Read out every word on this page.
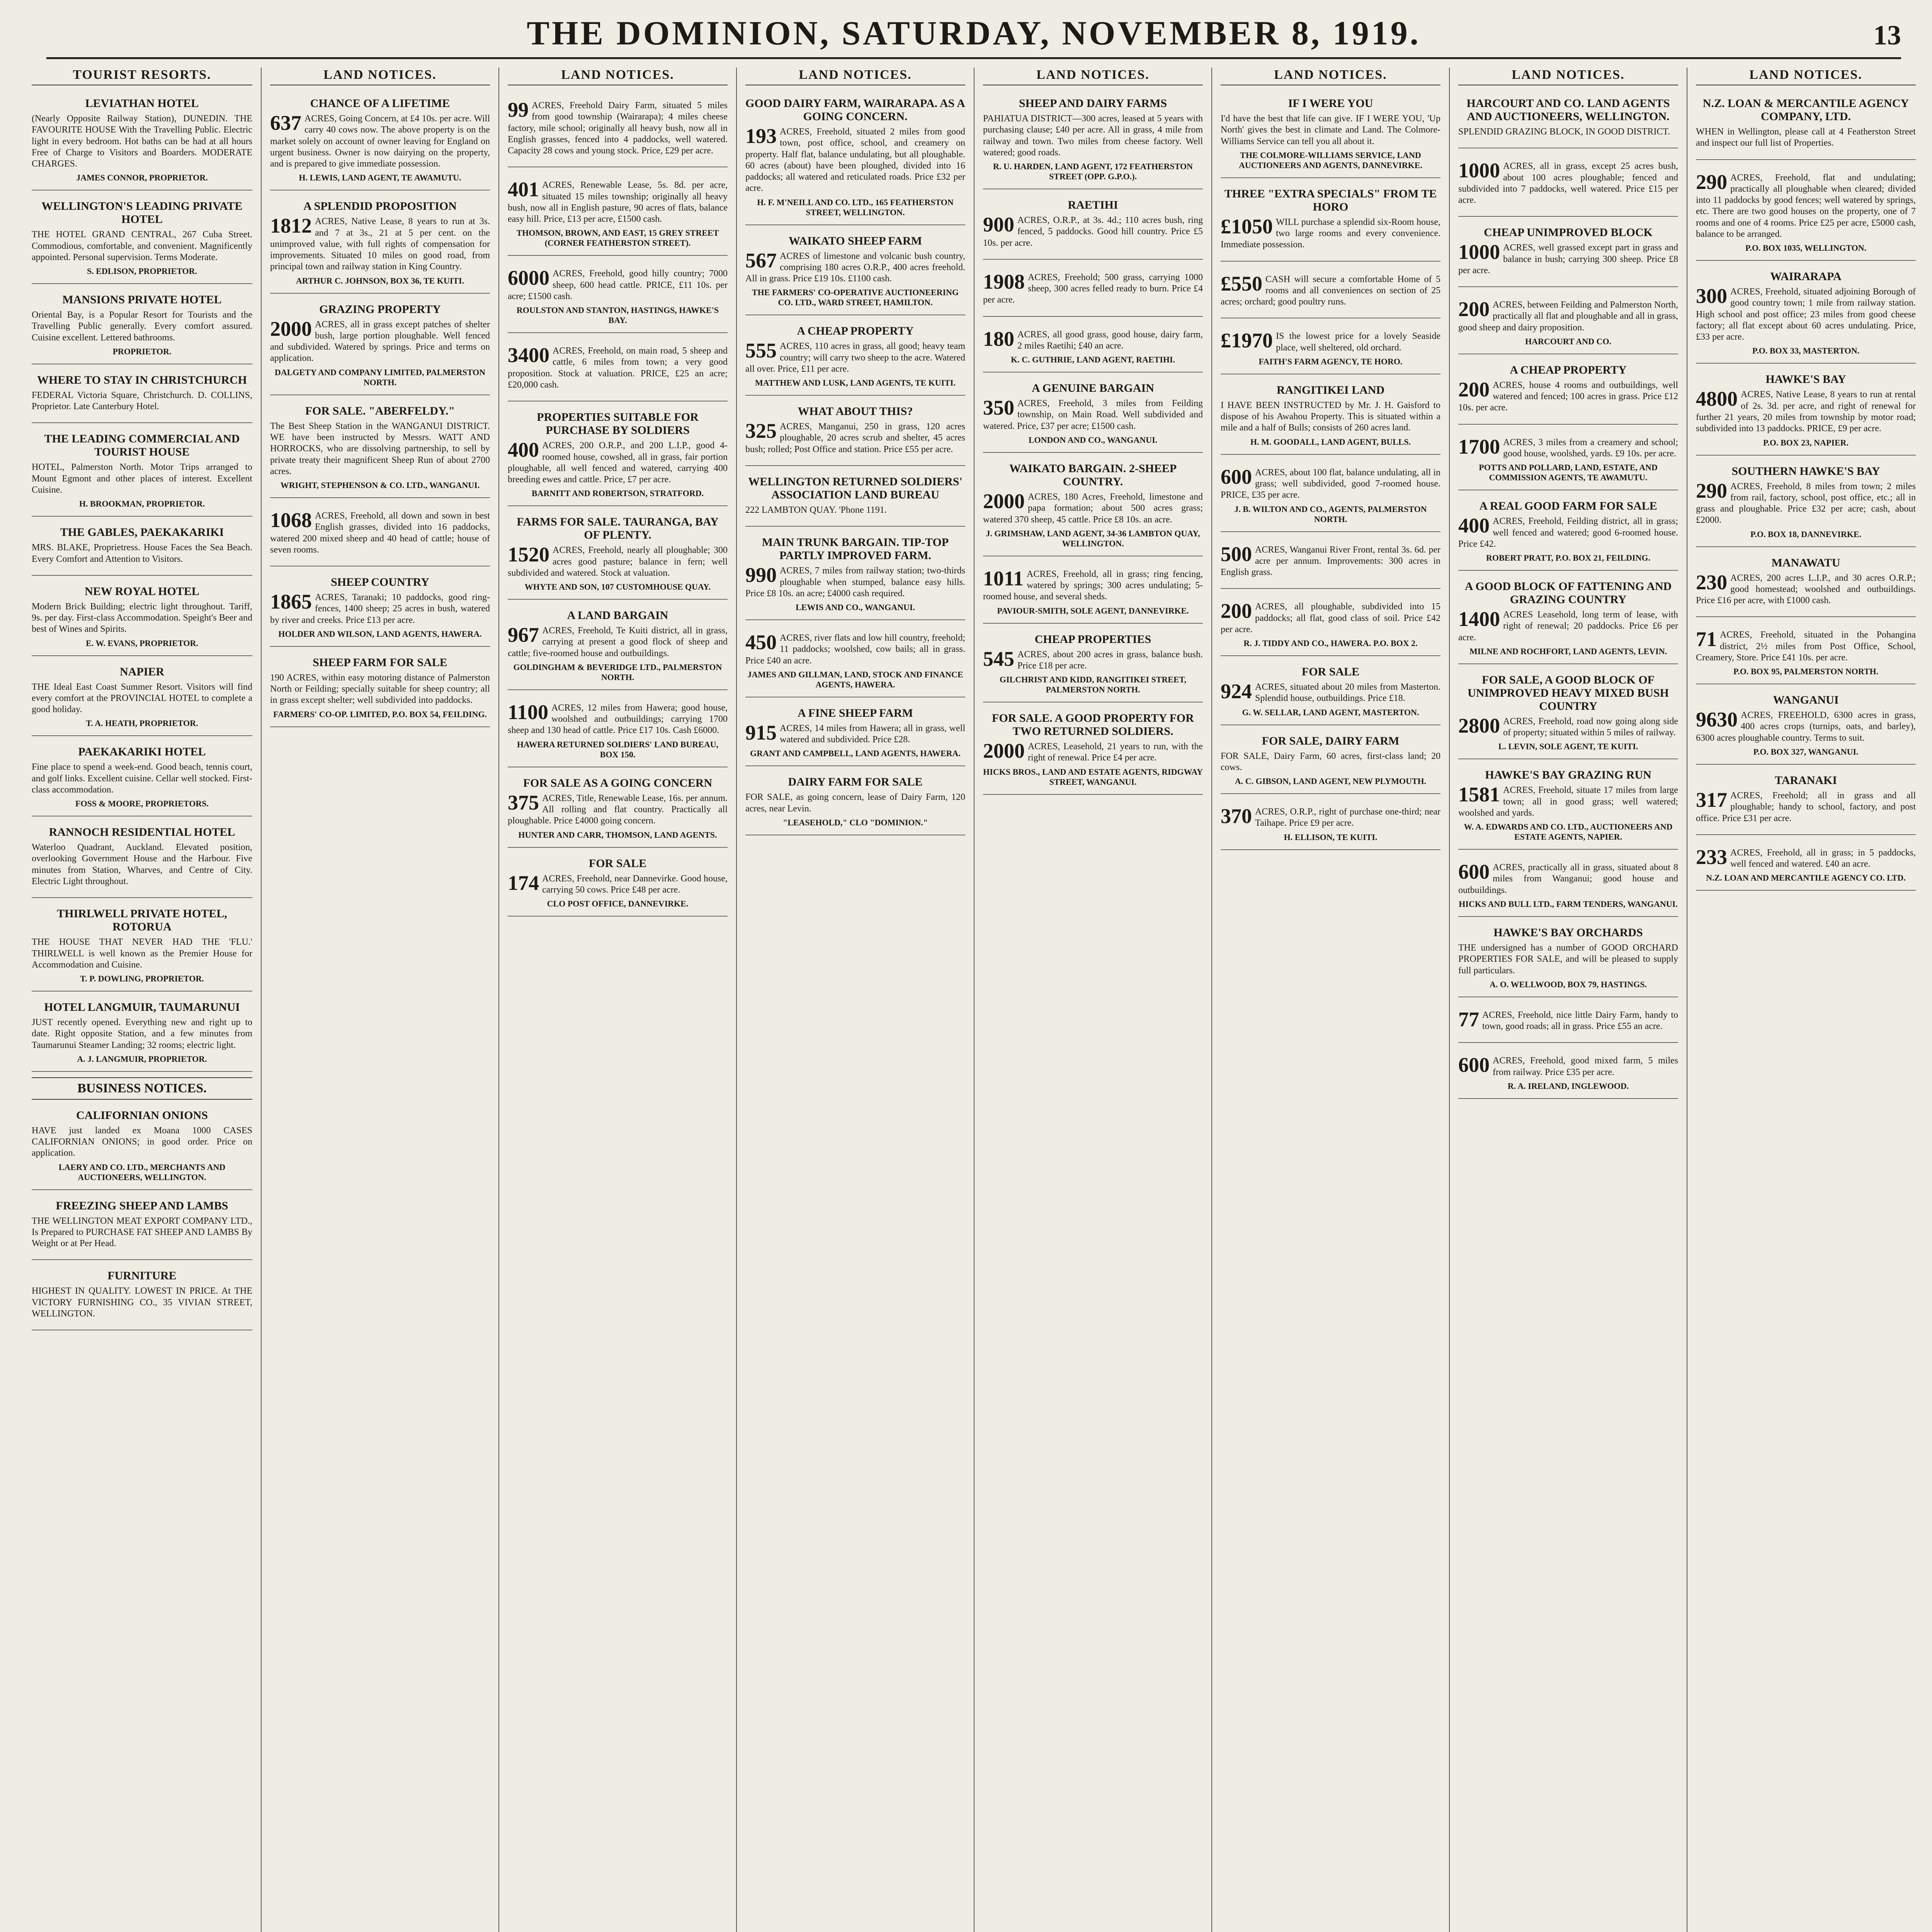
THE DOMINION, SATURDAY, NOVEMBER 8, 1919.	13
TOURIST RESORTS.
LEVIATHAN HOTEL
(Nearly Opposite Railway Station), DUNEDIN. THE FAVOURITE HOUSE With the Travelling Public. Electric light in every bedroom. Hot baths can be had at all hours Free of Charge to Visitors and Boarders. MODERATE CHARGES.
JAMES CONNOR, PROPRIETOR.
WELLINGTON'S LEADING PRIVATE HOTEL
THE HOTEL GRAND CENTRAL, 267 Cuba Street. Commodious, comfortable, and convenient. Magnificently appointed. Personal supervision. Terms Moderate.
S. EDLISON, PROPRIETOR.
MANSIONS PRIVATE HOTEL
Oriental Bay, is a Popular Resort for Tourists and the Travelling Public generally. Every comfort assured. Cuisine excellent. Lettered bathrooms.
PROPRIETOR.
WHERE TO STAY IN CHRISTCHURCH
FEDERAL Victoria Square, Christchurch. D. COLLINS, Proprietor. Late Canterbury Hotel.
THE LEADING COMMERCIAL AND TOURIST HOUSE
HOTEL, Palmerston North. Motor Trips arranged to Mount Egmont and other places of interest. Excellent Cuisine.
H. BROOKMAN, PROPRIETOR.
THE GABLES, PAEKAKARIKI
MRS. BLAKE, Proprietress. House Faces the Sea Beach. Every Comfort and Attention to Visitors.
NEW ROYAL HOTEL
Modern Brick Building; electric light throughout. Tariff, 9s. per day. First-class Accommodation. Speight's Beer and best of Wines and Spirits.
E. W. EVANS, PROPRIETOR.
NAPIER
THE Ideal East Coast Summer Resort. Visitors will find every comfort at the PROVINCIAL HOTEL to complete a good holiday.
T. A. HEATH, PROPRIETOR.
PAEKAKARIKI HOTEL
Fine place to spend a week-end. Good beach, tennis court, and golf links. Excellent cuisine. Cellar well stocked. First-class accommodation.
FOSS & MOORE, PROPRIETORS.
RANNOCH RESIDENTIAL HOTEL
Waterloo Quadrant, Auckland. Elevated position, overlooking Government House and the Harbour. Five minutes from Station, Wharves, and Centre of City. Electric Light throughout.
THIRLWELL PRIVATE HOTEL, ROTORUA
THE HOUSE THAT NEVER HAD THE 'FLU.' THIRLWELL is well known as the Premier House for Accommodation and Cuisine.
T. P. DOWLING, PROPRIETOR.
HOTEL LANGMUIR, TAUMARUNUI
JUST recently opened. Everything new and right up to date. Right opposite Station, and a few minutes from Taumarunui Steamer Landing; 32 rooms; electric light.
A. J. LANGMUIR, PROPRIETOR.
BUSINESS NOTICES.
CALIFORNIAN ONIONS
HAVE just landed ex Moana 1000 CASES CALIFORNIAN ONIONS; in good order. Price on application.
LAERY AND CO. LTD., MERCHANTS AND AUCTIONEERS, WELLINGTON.
FREEZING SHEEP AND LAMBS
THE WELLINGTON MEAT EXPORT COMPANY LTD., Is Prepared to PURCHASE FAT SHEEP AND LAMBS By Weight or at Per Head.
FURNITURE
HIGHEST IN QUALITY. LOWEST IN PRICE. At THE VICTORY FURNISHING CO., 35 VIVIAN STREET, WELLINGTON.
LAND NOTICES.
CHANCE OF A LIFETIME
637 ACRES, Going Concern, at £4 10s. per acre. Will carry 40 cows now. The above property is on the market solely on account of owner leaving for England on urgent business. Owner is now dairying on the property, and is prepared to give immediate possession.
H. LEWIS, LAND AGENT, TE AWAMUTU.
A SPLENDID PROPOSITION
1812 ACRES, Native Lease, 8 years to run at 3s. and 7 at 3s., 21 at 5 per cent. on the unimproved value, with full rights of compensation for improvements. Situated 10 miles on good road, from principal town and railway station in King Country.
ARTHUR C. JOHNSON, BOX 36, TE KUITI.
GRAZING PROPERTY
2000 ACRES, all in grass except patches of shelter bush, large portion ploughable. Well fenced and subdivided. Watered by springs. Price and terms on application.
DALGETY AND COMPANY LIMITED, PALMERSTON NORTH.
FOR SALE. "ABERFELDY."
The Best Sheep Station in the WANGANUI DISTRICT. WE have been instructed by Messrs. WATT AND HORROCKS, who are dissolving partnership, to sell by private treaty their magnificent Sheep Run of about 2700 acres.
WRIGHT, STEPHENSON & CO. LTD., WANGANUI.
1068 ACRES, Freehold, all down and sown in best English grasses, divided into 16 paddocks, watered 200 mixed sheep and 40 head of cattle; house of seven rooms.
SHEEP COUNTRY
1865 ACRES, Taranaki; 10 paddocks, good ring-fences, 1400 sheep; 25 acres in bush, watered by river and creeks. Price £13 per acre.
HOLDER AND WILSON, LAND AGENTS, HAWERA.
SHEEP FARM FOR SALE
190 ACRES, within easy motoring distance of Palmerston North or Feilding; specially suitable for sheep country; all in grass except shelter; well subdivided into paddocks.
FARMERS' CO-OP. LIMITED, P.O. BOX 54, FEILDING.
LAND NOTICES.
99 ACRES, Freehold Dairy Farm, situated 5 miles from good township (Wairarapa); 4 miles cheese factory, mile school; originally all heavy bush, now all in English grasses, fenced into 4 paddocks, well watered. Capacity 28 cows and young stock. Price, £29 per acre.
401 ACRES, Renewable Lease, 5s. 8d. per acre, situated 15 miles township; originally all heavy bush, now all in English pasture, 90 acres of flats, balance easy hill. Price, £13 per acre, £1500 cash.
THOMSON, BROWN, AND EAST, 15 GREY STREET (CORNER FEATHERSTON STREET).
6000 ACRES, Freehold, good hilly country; 7000 sheep, 600 head cattle. PRICE, £11 10s. per acre; £1500 cash.
ROULSTON AND STANTON, HASTINGS, HAWKE'S BAY.
3400 ACRES, Freehold, on main road, 5 sheep and cattle, 6 miles from town; a very good proposition. Stock at valuation. PRICE, £25 an acre; £20,000 cash.
PROPERTIES SUITABLE FOR PURCHASE BY SOLDIERS
400 ACRES, 200 O.R.P., and 200 L.I.P., good 4-roomed house, cowshed, all in grass, fair portion ploughable, all well fenced and watered, carrying 400 breeding ewes and cattle. Price, £7 per acre.
BARNITT AND ROBERTSON, STRATFORD.
FARMS FOR SALE. TAURANGA, BAY OF PLENTY.
1520 ACRES, Freehold, nearly all ploughable; 300 acres good pasture; balance in fern; well subdivided and watered. Stock at valuation.
WHYTE AND SON, 107 CUSTOMHOUSE QUAY.
A LAND BARGAIN
967 ACRES, Freehold, Te Kuiti district, all in grass, carrying at present a good flock of sheep and cattle; five-roomed house and outbuildings.
GOLDINGHAM & BEVERIDGE LTD., PALMERSTON NORTH.
1100 ACRES, 12 miles from Hawera; good house, woolshed and outbuildings; carrying 1700 sheep and 130 head of cattle. Price £17 10s. Cash £6000.
HAWERA RETURNED SOLDIERS' LAND BUREAU, BOX 150.
FOR SALE AS A GOING CONCERN
375 ACRES, Title, Renewable Lease, 16s. per annum. All rolling and flat country. Practically all ploughable. Price £4000 going concern.
HUNTER AND CARR, THOMSON, LAND AGENTS.
FOR SALE
174 ACRES, Freehold, near Dannevirke. Good house, carrying 50 cows. Price £48 per acre.
CLO POST OFFICE, DANNEVIRKE.
LAND NOTICES.
GOOD DAIRY FARM, WAIRARAPA. AS A GOING CONCERN.
193 ACRES, Freehold, situated 2 miles from good town, post office, school, and creamery on property. Half flat, balance undulating, but all ploughable. 60 acres (about) have been ploughed, divided into 16 paddocks; all watered and reticulated roads. Price £32 per acre.
H. F. M'NEILL AND CO. LTD., 165 FEATHERSTON STREET, WELLINGTON.
WAIKATO SHEEP FARM
567 ACRES of limestone and volcanic bush country, comprising 180 acres O.R.P., 400 acres freehold. All in grass. Price £19 10s. £1100 cash.
THE FARMERS' CO-OPERATIVE AUCTIONEERING CO. LTD., WARD STREET, HAMILTON.
A CHEAP PROPERTY
555 ACRES, 110 acres in grass, all good; heavy team country; will carry two sheep to the acre. Watered all over. Price, £11 per acre.
MATTHEW AND LUSK, LAND AGENTS, TE KUITI.
WHAT ABOUT THIS?
325 ACRES, Manganui, 250 in grass, 120 acres ploughable, 20 acres scrub and shelter, 45 acres bush; rolled; Post Office and station. Price £55 per acre.
WELLINGTON RETURNED SOLDIERS' ASSOCIATION LAND BUREAU
222 LAMBTON QUAY. 'Phone 1191.
MAIN TRUNK BARGAIN. TIP-TOP PARTLY IMPROVED FARM.
990 ACRES, 7 miles from railway station; two-thirds ploughable when stumped, balance easy hills. Price £8 10s. an acre; £4000 cash required.
LEWIS AND CO., WANGANUI.
450 ACRES, river flats and low hill country, freehold; 11 paddocks; woolshed, cow bails; all in grass. Price £40 an acre.
JAMES AND GILLMAN, LAND, STOCK AND FINANCE AGENTS, HAWERA.
A FINE SHEEP FARM
915 ACRES, 14 miles from Hawera; all in grass, well watered and subdivided. Price £28.
GRANT AND CAMPBELL, LAND AGENTS, HAWERA.
DAIRY FARM FOR SALE
FOR SALE, as going concern, lease of Dairy Farm, 120 acres, near Levin.
"LEASEHOLD," CLO "DOMINION."
LAND NOTICES.
SHEEP AND DAIRY FARMS
PAHIATUA DISTRICT—300 acres, leased at 5 years with purchasing clause; £40 per acre. All in grass, 4 mile from railway and town. Two miles from cheese factory. Well watered; good roads.
R. U. HARDEN, LAND AGENT, 172 FEATHERSTON STREET (OPP. G.P.O.).
RAETIHI
900 ACRES, O.R.P., at 3s. 4d.; 110 acres bush, ring fenced, 5 paddocks. Good hill country. Price £5 10s. per acre.
1908 ACRES, Freehold; 500 grass, carrying 1000 sheep, 300 acres felled ready to burn. Price £4 per acre.
180 ACRES, all good grass, good house, dairy farm, 2 miles Raetihi; £40 an acre.
K. C. GUTHRIE, LAND AGENT, RAETIHI.
A GENUINE BARGAIN
350 ACRES, Freehold, 3 miles from Feilding township, on Main Road. Well subdivided and watered. Price, £37 per acre; £1500 cash.
LONDON AND CO., WANGANUI.
WAIKATO BARGAIN. 2-SHEEP COUNTRY.
2000 ACRES, 180 Acres, Freehold, limestone and papa formation; about 500 acres grass; watered 370 sheep, 45 cattle. Price £8 10s. an acre.
J. GRIMSHAW, LAND AGENT, 34-36 LAMBTON QUAY, WELLINGTON.
1011 ACRES, Freehold, all in grass; ring fencing, watered by springs; 300 acres undulating; 5-roomed house, and several sheds.
PAVIOUR-SMITH, SOLE AGENT, DANNEVIRKE.
CHEAP PROPERTIES
545 ACRES, about 200 acres in grass, balance bush. Price £18 per acre.
GILCHRIST AND KIDD, RANGITIKEI STREET, PALMERSTON NORTH.
FOR SALE. A GOOD PROPERTY FOR TWO RETURNED SOLDIERS.
2000 ACRES, Leasehold, 21 years to run, with the right of renewal. Price £4 per acre.
HICKS BROS., LAND AND ESTATE AGENTS, RIDGWAY STREET, WANGANUI.
LAND NOTICES.
IF I WERE YOU
I'd have the best that life can give. IF I WERE YOU, 'Up North' gives the best in climate and Land. The Colmore-Williams Service can tell you all about it.
THE COLMORE-WILLIAMS SERVICE, LAND AUCTIONEERS AND AGENTS, DANNEVIRKE.
THREE "EXTRA SPECIALS" FROM TE HORO
£1050 WILL purchase a splendid six-Room house, two large rooms and every convenience. Immediate possession.
£550 CASH will secure a comfortable Home of 5 rooms and all conveniences on section of 25 acres; orchard; good poultry runs.
£1970 IS the lowest price for a lovely Seaside place, well sheltered, old orchard.
FAITH'S FARM AGENCY, TE HORO.
RANGITIKEI LAND
I HAVE BEEN INSTRUCTED by Mr. J. H. Gaisford to dispose of his Awahou Property. This is situated within a mile and a half of Bulls; consists of 260 acres land.
H. M. GOODALL, LAND AGENT, BULLS.
600 ACRES, about 100 flat, balance undulating, all in grass; well subdivided, good 7-roomed house. PRICE, £35 per acre.
J. B. WILTON AND CO., AGENTS, PALMERSTON NORTH.
500 ACRES, Wanganui River Front, rental 3s. 6d. per acre per annum. Improvements: 300 acres in English grass.
200 ACRES, all ploughable, subdivided into 15 paddocks; all flat, good class of soil. Price £42 per acre.
R. J. TIDDY AND CO., HAWERA. P.O. BOX 2.
FOR SALE
924 ACRES, situated about 20 miles from Masterton. Splendid house, outbuildings. Price £18.
G. W. SELLAR, LAND AGENT, MASTERTON.
FOR SALE, DAIRY FARM
FOR SALE, Dairy Farm, 60 acres, first-class land; 20 cows.
A. C. GIBSON, LAND AGENT, NEW PLYMOUTH.
370 ACRES, O.R.P., right of purchase one-third; near Taihape. Price £9 per acre.
H. ELLISON, TE KUITI.
LAND NOTICES.
HARCOURT AND CO. LAND AGENTS AND AUCTIONEERS, WELLINGTON.
SPLENDID GRAZING BLOCK, IN GOOD DISTRICT.
1000 ACRES, all in grass, except 25 acres bush, about 100 acres ploughable; fenced and subdivided into 7 paddocks, well watered. Price £15 per acre.
CHEAP UNIMPROVED BLOCK
1000 ACRES, well grassed except part in grass and balance in bush; carrying 300 sheep. Price £8 per acre.
200 ACRES, between Feilding and Palmerston North, practically all flat and ploughable and all in grass, good sheep and dairy proposition.
HARCOURT AND CO.
A CHEAP PROPERTY
200 ACRES, house 4 rooms and outbuildings, well watered and fenced; 100 acres in grass. Price £12 10s. per acre.
1700 ACRES, 3 miles from a creamery and school; good house, woolshed, yards. £9 10s. per acre.
POTTS AND POLLARD, LAND, ESTATE, AND COMMISSION AGENTS, TE AWAMUTU.
A REAL GOOD FARM FOR SALE
400 ACRES, Freehold, Feilding district, all in grass; well fenced and watered; good 6-roomed house. Price £42.
ROBERT PRATT, P.O. BOX 21, FEILDING.
A GOOD BLOCK OF FATTENING AND GRAZING COUNTRY
1400 ACRES Leasehold, long term of lease, with right of renewal; 20 paddocks. Price £6 per acre.
MILNE AND ROCHFORT, LAND AGENTS, LEVIN.
FOR SALE, A GOOD BLOCK OF UNIMPROVED HEAVY MIXED BUSH COUNTRY
2800 ACRES, Freehold, road now going along side of property; situated within 5 miles of railway.
L. LEVIN, SOLE AGENT, TE KUITI.
HAWKE'S BAY GRAZING RUN
1581 ACRES, Freehold, situate 17 miles from large town; all in good grass; well watered; woolshed and yards.
W. A. EDWARDS AND CO. LTD., AUCTIONEERS AND ESTATE AGENTS, NAPIER.
600 ACRES, practically all in grass, situated about 8 miles from Wanganui; good house and outbuildings.
HICKS AND BULL LTD., FARM TENDERS, WANGANUI.
HAWKE'S BAY ORCHARDS
THE undersigned has a number of GOOD ORCHARD PROPERTIES FOR SALE, and will be pleased to supply full particulars.
A. O. WELLWOOD, BOX 79, HASTINGS.
77 ACRES, Freehold, nice little Dairy Farm, handy to town, good roads; all in grass. Price £55 an acre.
600 ACRES, Freehold, good mixed farm, 5 miles from railway. Price £35 per acre.
R. A. IRELAND, INGLEWOOD.
LAND NOTICES.
N.Z. LOAN & MERCANTILE AGENCY COMPANY, LTD.
WHEN in Wellington, please call at 4 Featherston Street and inspect our full list of Properties.
290 ACRES, Freehold, flat and undulating; practically all ploughable when cleared; divided into 11 paddocks by good fences; well watered by springs, etc. There are two good houses on the property, one of 7 rooms and one of 4 rooms. Price £25 per acre, £5000 cash, balance to be arranged.
P.O. BOX 1035, WELLINGTON.
WAIRARAPA
300 ACRES, Freehold, situated adjoining Borough of good country town; 1 mile from railway station. High school and post office; 23 miles from good cheese factory; all flat except about 60 acres undulating. Price, £33 per acre.
P.O. BOX 33, MASTERTON.
HAWKE'S BAY
4800 ACRES, Native Lease, 8 years to run at rental of 2s. 3d. per acre, and right of renewal for further 21 years, 20 miles from township by motor road; subdivided into 13 paddocks. PRICE, £9 per acre.
P.O. BOX 23, NAPIER.
SOUTHERN HAWKE'S BAY
290 ACRES, Freehold, 8 miles from town; 2 miles from rail, factory, school, post office, etc.; all in grass and ploughable. Price £32 per acre; cash, about £2000.
P.O. BOX 18, DANNEVIRKE.
MANAWATU
230 ACRES, 200 acres L.I.P., and 30 acres O.R.P.; good homestead; woolshed and outbuildings. Price £16 per acre, with £1000 cash.
71 ACRES, Freehold, situated in the Pohangina district, 2½ miles from Post Office, School, Creamery, Store. Price £41 10s. per acre.
P.O. BOX 95, PALMERSTON NORTH.
WANGANUI
9630 ACRES, FREEHOLD, 6300 acres in grass, 400 acres crops (turnips, oats, and barley), 6300 acres ploughable country. Terms to suit.
P.O. BOX 327, WANGANUI.
TARANAKI
317 ACRES, Freehold; all in grass and all ploughable; handy to school, factory, and post office. Price £31 per acre.
233 ACRES, Freehold, all in grass; in 5 paddocks, well fenced and watered. £40 an acre.
N.Z. LOAN AND MERCANTILE AGENCY CO. LTD.
